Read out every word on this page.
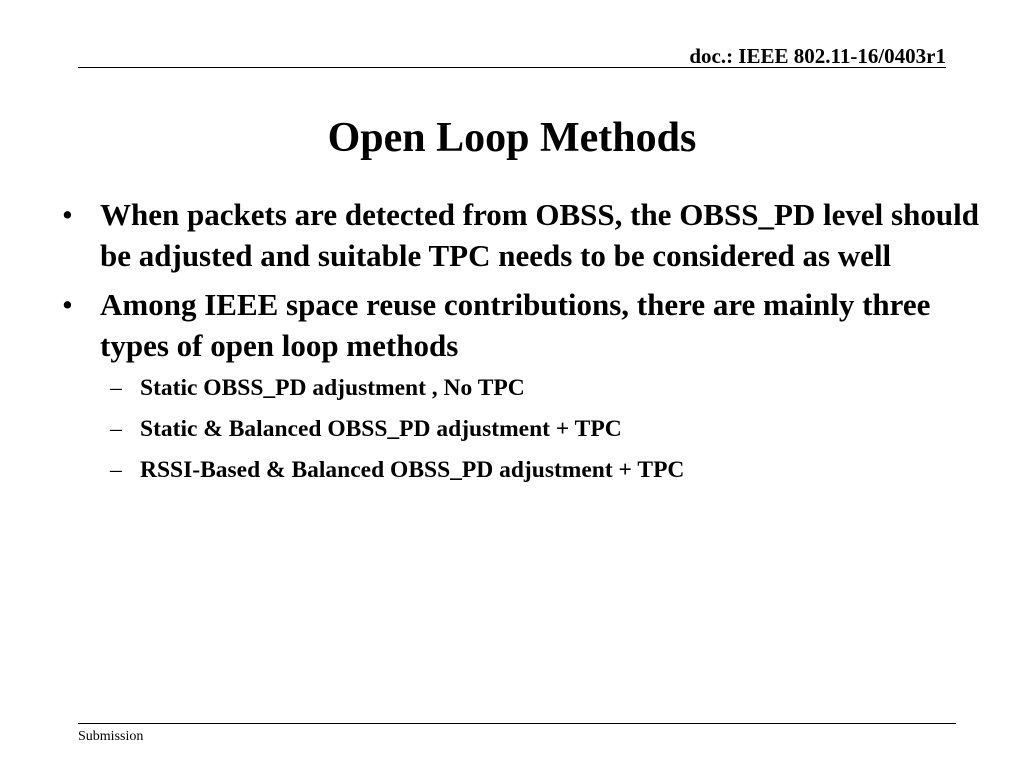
doc.: IEEE 802.11-16/0403r1
Open Loop Methods
• When packets are detected from OBSS, the OBSS_PD level should be adjusted and suitable TPC needs to be considered as well
• Among IEEE space reuse contributions, there are mainly three types of open loop methods
– Static OBSS_PD adjustment , No TPC
– Static & Balanced OBSS_PD adjustment + TPC
– RSSI-Based & Balanced OBSS_PD adjustment + TPC
Submission
